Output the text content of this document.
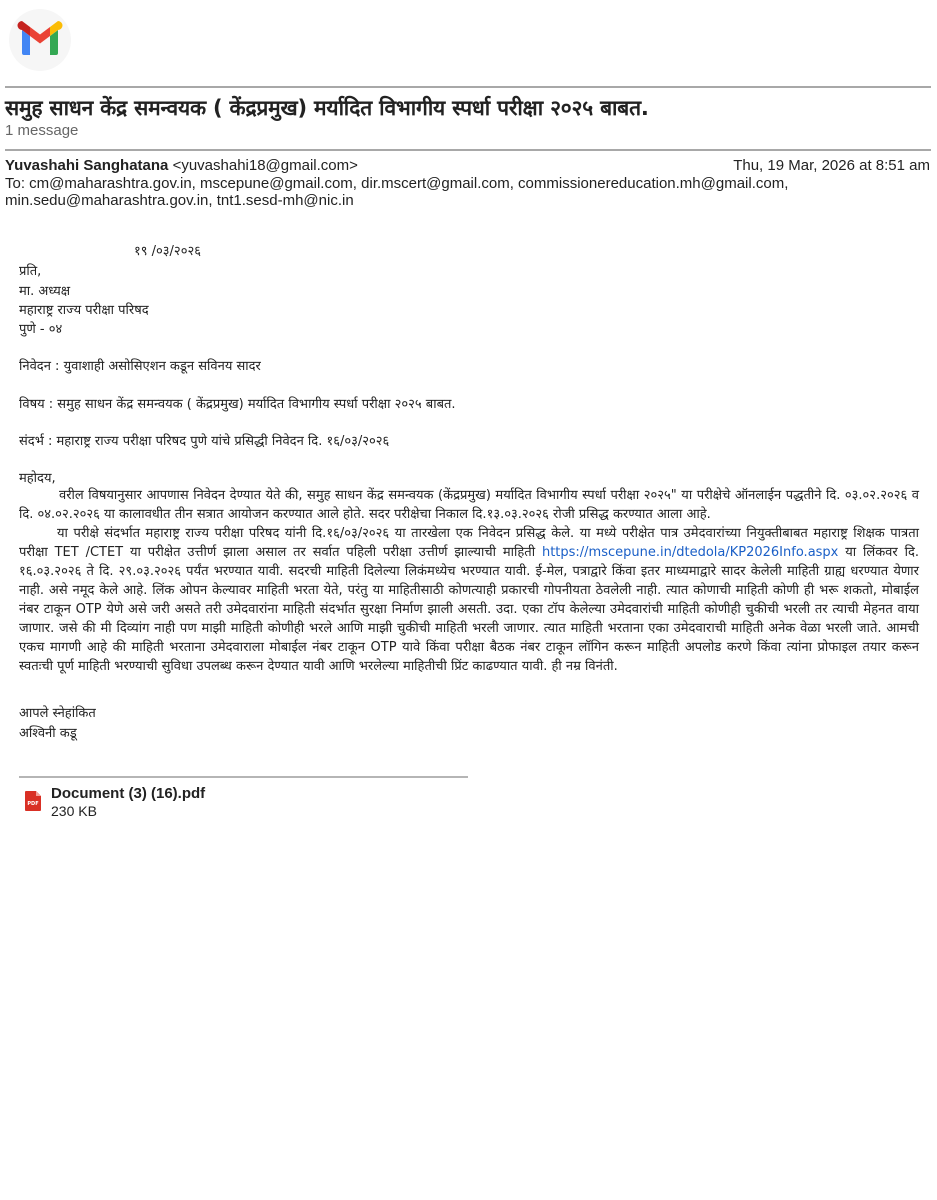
समुह साधन केंद्र समन्वयक ( केंद्रप्रमुख) मर्यादित विभागीय स्पर्धा परीक्षा २०२५ बाबत.
1 message
Yuvashahi Sanghatana <yuvashahi18@gmail.com>	Thu, 19 Mar, 2026 at 8:51 am
To: cm@maharashtra.gov.in, mscepune@gmail.com, dir.mscert@gmail.com, commissionereducation.mh@gmail.com,
min.sedu@maharashtra.gov.in, tnt1.sesd-mh@nic.in
१९ /०३/२०२६
प्रति,
मा. अध्यक्ष
महाराष्ट्र राज्य परीक्षा परिषद
पुणे - ०४
निवेदन : युवाशाही असोसिएशन कडून सविनय सादर
विषय : समुह साधन केंद्र समन्वयक ( केंद्रप्रमुख) मर्यादित विभागीय स्पर्धा परीक्षा २०२५ बाबत.
संदर्भ : महाराष्ट्र राज्य परीक्षा परिषद पुणे यांचे प्रसिद्धी निवेदन दि. १६/०३/२०२६
महोदय,
वरील विषयानुसार आपणास निवेदन देण्यात येते की, समुह साधन केंद्र समन्वयक (केंद्रप्रमुख) मर्यादित विभागीय स्पर्धा परीक्षा २०२५" या परीक्षेचे ऑनलाईन पद्धतीने दि. ०३.०२.२०२६ व दि. ०४.०२.२०२६ या कालावधीत तीन सत्रात आयोजन करण्यात आले होते. सदर परीक्षेचा निकाल दि.१३.०३.२०२६ रोजी प्रसिद्ध करण्यात आला आहे.
या परीक्षे संदर्भात महाराष्ट्र राज्य परीक्षा परिषद यांनी दि.१६/०३/२०२६ या तारखेला एक निवेदन प्रसिद्ध केले. या मध्ये परीक्षेत पात्र उमेदवारांच्या नियुक्तीबाबत महाराष्ट्र शिक्षक पात्रता परीक्षा TET /CTET या परीक्षेत उत्तीर्ण झाला असाल तर सर्वात पहिली परीक्षा उत्तीर्ण झाल्याची माहिती https://mscepune.in/dtedola/KP2026Info.aspx या लिंकवर दि. १६.०३.२०२६ ते दि. २९.०३.२०२६ पर्यंत भरण्यात यावी. सदरची माहिती दिलेल्या लिकंमध्येच भरण्यात यावी. ई-मेल, पत्राद्वारे किंवा इतर माध्यमाद्वारे सादर केलेली माहिती ग्राह्य धरण्यात येणार नाही. असे नमूद केले आहे. लिंक ओपन केल्यावर माहिती भरता येते, परंतु या माहितीसाठी कोणत्याही प्रकारची गोपनीयता ठेवलेली नाही. त्यात कोणाची माहिती कोणी ही भरू शकतो, मोबाईल नंबर टाकून OTP येणे असे जरी असते तरी उमेदवारांना माहिती संदर्भात सुरक्षा निर्माण झाली असती. उदा. एका टॉप केलेल्या उमेदवारांची माहिती कोणीही चुकीची भरली तर त्याची मेहनत वाया जाणार. जसे की मी दिव्यांग नाही पण माझी माहिती कोणीही भरले आणि माझी चुकीची माहिती भरली जाणार. त्यात माहिती भरताना एका उमेदवाराची माहिती अनेक वेळा भरली जाते. आमची एकच मागणी आहे की माहिती भरताना उमेदवाराला मोबाईल नंबर टाकून OTP यावे किंवा परीक्षा बैठक नंबर टाकून लॉगिन करून माहिती अपलोड करणे किंवा त्यांना प्रोफाइल तयार करून स्वतःची पूर्ण माहिती भरण्याची सुविधा उपलब्ध करून देण्यात यावी आणि भरलेल्या माहितीची प्रिंट काढण्यात यावी. ही नम्र विनंती.
आपले स्नेहांकित
अश्विनी कडू
PDF
Document (3) (16).pdf
230 KB
